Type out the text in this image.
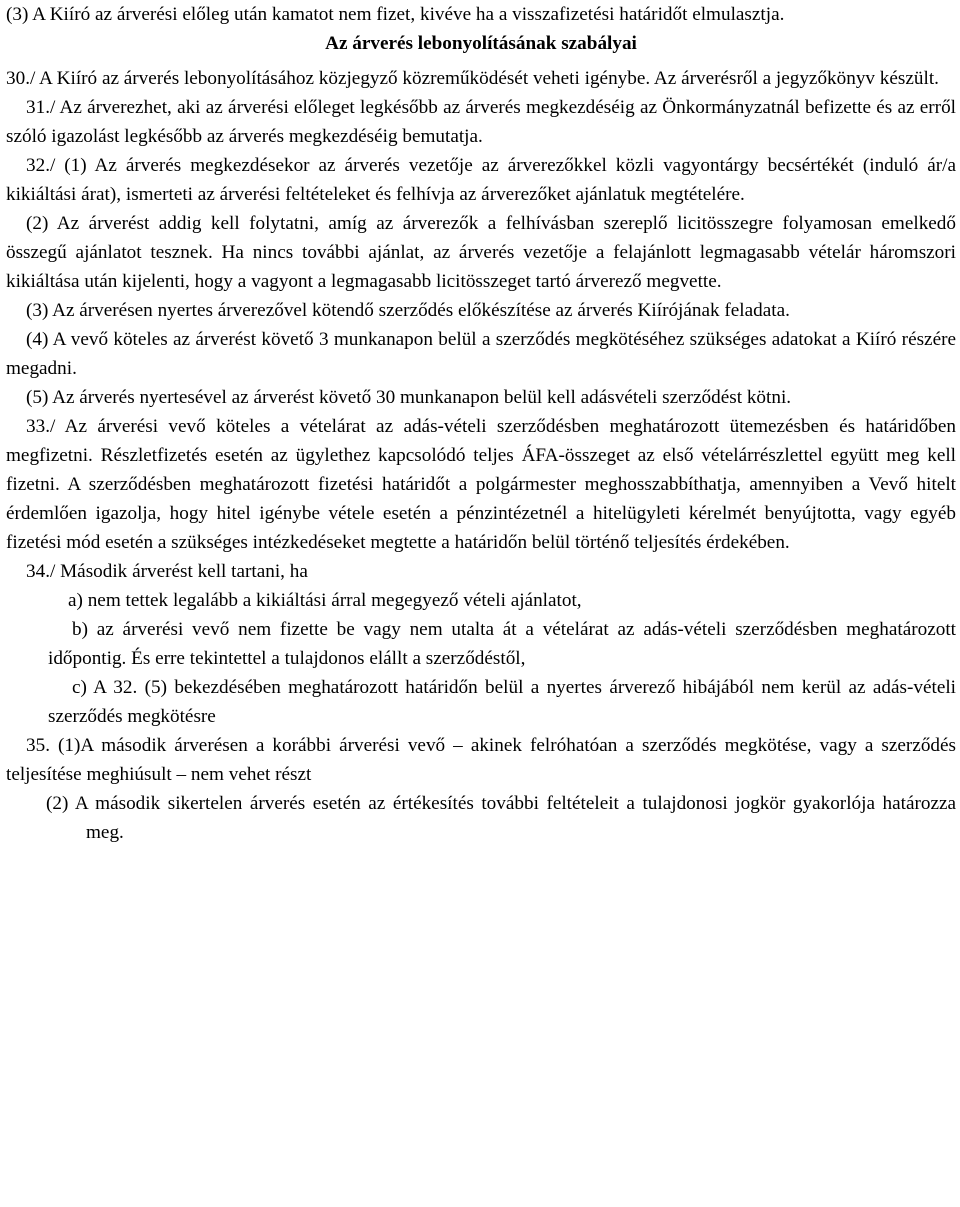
(3) A Kiíró az árverési előleg után kamatot nem fizet, kivéve ha a visszafizetési határidőt elmulasztja.

Az árverés lebonyolításának szabályai

30./ A Kiíró az árverés lebonyolításához közjegyző közreműködését veheti igénybe. Az árverésről a jegyzőkönyv készült.

31./ Az árverezhet, aki az árverési előleget legkésőbb az árverés megkezdéséig az Önkormányzatnál befizette és az erről szóló igazolást legkésőbb az árverés megkezdéséig bemutatja.

32./ (1) Az árverés megkezdésekor az árverés vezetője az árverezőkkel közli vagyontárgy becsértékét (induló ár/a kikiáltási árat), ismerteti az árverési feltételeket és felhívja az árverezőket ajánlatuk megtételére.

(2) Az árverést addig kell folytatni, amíg az árverezők a felhívásban szereplő licitösszegre folyamosan emelkedő összegű ajánlatot tesznek. Ha nincs további ajánlat, az árverés vezetője a felajánlott legmagasabb vételár háromszori kikiáltása után kijelenti, hogy a vagyont a legmagasabb licitösszeget tartó árverező megvette.

(3) Az árverésen nyertes árverezővel kötendő szerződés előkészítése az árverés Kiírójának feladata.

(4) A vevő köteles az árverést követő 3 munkanapon belül a szerződés megkötéséhez szükséges adatokat a Kiíró részére megadni.

(5) Az árverés nyertesével az árverést követő 30 munkanapon belül kell adásvételi szerződést kötni.

33./ Az árverési vevő köteles a vételárat az adás-vételi szerződésben meghatározott ütemezésben és határidőben megfizetni. Részletfizetés esetén az ügylethez kapcsolódó teljes ÁFA-összeget az első vételárrészlettel együtt meg kell fizetni. A szerződésben meghatározott fizetési határidőt a polgármester meghosszabbíthatja, amennyiben a Vevő hitelt érdemlően igazolja, hogy hitel igénybe vétele esetén a pénzintézetnél a hitelügyleti kérelmét benyújtotta, vagy egyéb fizetési mód esetén a szükséges intézkedéseket megtette a határidőn belül történő teljesítés érdekében.

34./ Második árverést kell tartani, ha

a) nem tettek legalább a kikiáltási árral megegyező vételi ajánlatot,

b) az árverési vevő nem fizette be vagy nem utalta át a vételárat az adás-vételi szerződésben meghatározott időpontig. És erre tekintettel a tulajdonos elállt a szerződéstől,

c) A 32. (5) bekezdésében meghatározott határidőn belül a nyertes árverező hibájából nem kerül az adás-vételi szerződés megkötésre

35. (1)A második árverésen a korábbi árverési vevő – akinek felróhatóan a szerződés megkötése, vagy a szerződés teljesítése meghiúsult – nem vehet részt

(2) A második sikertelen árverés esetén az értékesítés további feltételeit a tulajdonosi jogkör gyakorlója határozza meg.
